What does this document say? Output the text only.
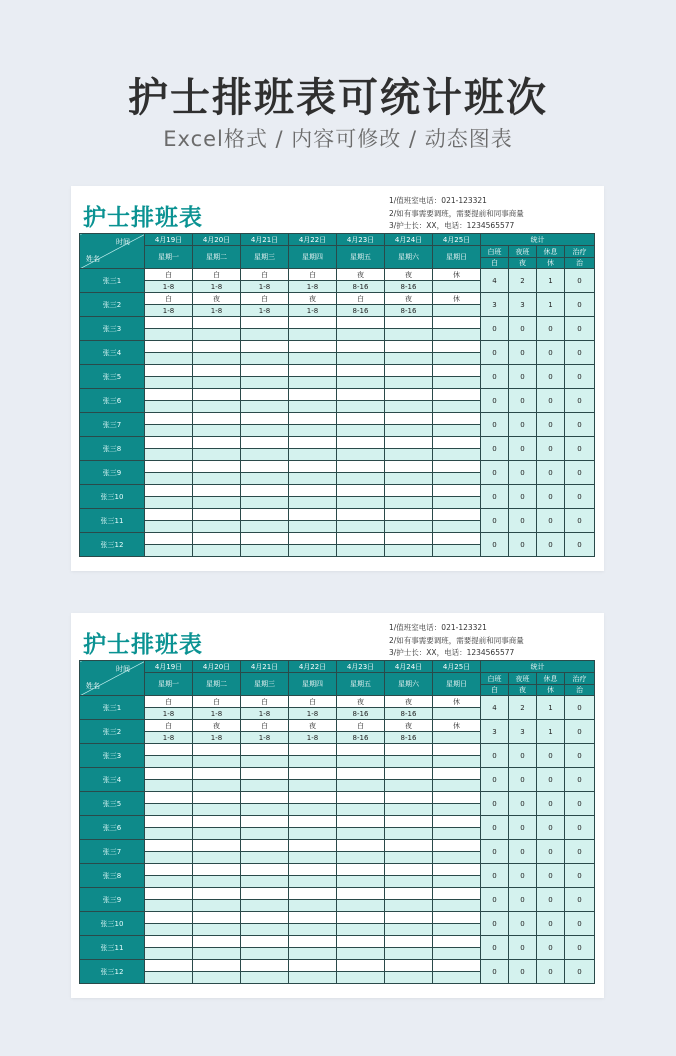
护士排班表可统计班次
Excel格式 / 内容可修改 / 动态图表
护士排班表
1/值班室电话：021-123321
2/如有事需要调班，需要提前和同事商量
3/护士长：XX，电话：1234565577
时间
姓名	4月19日	4月20日	4月21日	4月22日	4月23日	4月24日	4月25日	统计			
	星期一	星期二	星期三	星期四	星期五	星期六	星期日	白班	夜班	休息	治疗
								白	夜	休	治
张三1	白	白	白	白	夜	夜	休	4	2	1	0
	1-8	1-8	1-8	1-8	8-16	8-16					
张三2	白	夜	白	夜	白	夜	休	3	3	1	0
	1-8	1-8	1-8	1-8	8-16	8-16					
张三3								0	0	0	0

张三4								0	0	0	0

张三5								0	0	0	0

张三6								0	0	0	0

张三7								0	0	0	0

张三8								0	0	0	0

张三9								0	0	0	0

张三10								0	0	0	0

张三11								0	0	0	0

张三12								0	0	0	0

护士排班表
1/值班室电话：021-123321
2/如有事需要调班，需要提前和同事商量
3/护士长：XX，电话：1234565577
时间
姓名	4月19日	4月20日	4月21日	4月22日	4月23日	4月24日	4月25日	统计			
	星期一	星期二	星期三	星期四	星期五	星期六	星期日	白班	夜班	休息	治疗
								白	夜	休	治
张三1	白	白	白	白	夜	夜	休	4	2	1	0
	1-8	1-8	1-8	1-8	8-16	8-16					
张三2	白	夜	白	夜	白	夜	休	3	3	1	0
	1-8	1-8	1-8	1-8	8-16	8-16					
张三3								0	0	0	0

张三4								0	0	0	0

张三5								0	0	0	0

张三6								0	0	0	0

张三7								0	0	0	0

张三8								0	0	0	0

张三9								0	0	0	0

张三10								0	0	0	0

张三11								0	0	0	0

张三12								0	0	0	0
